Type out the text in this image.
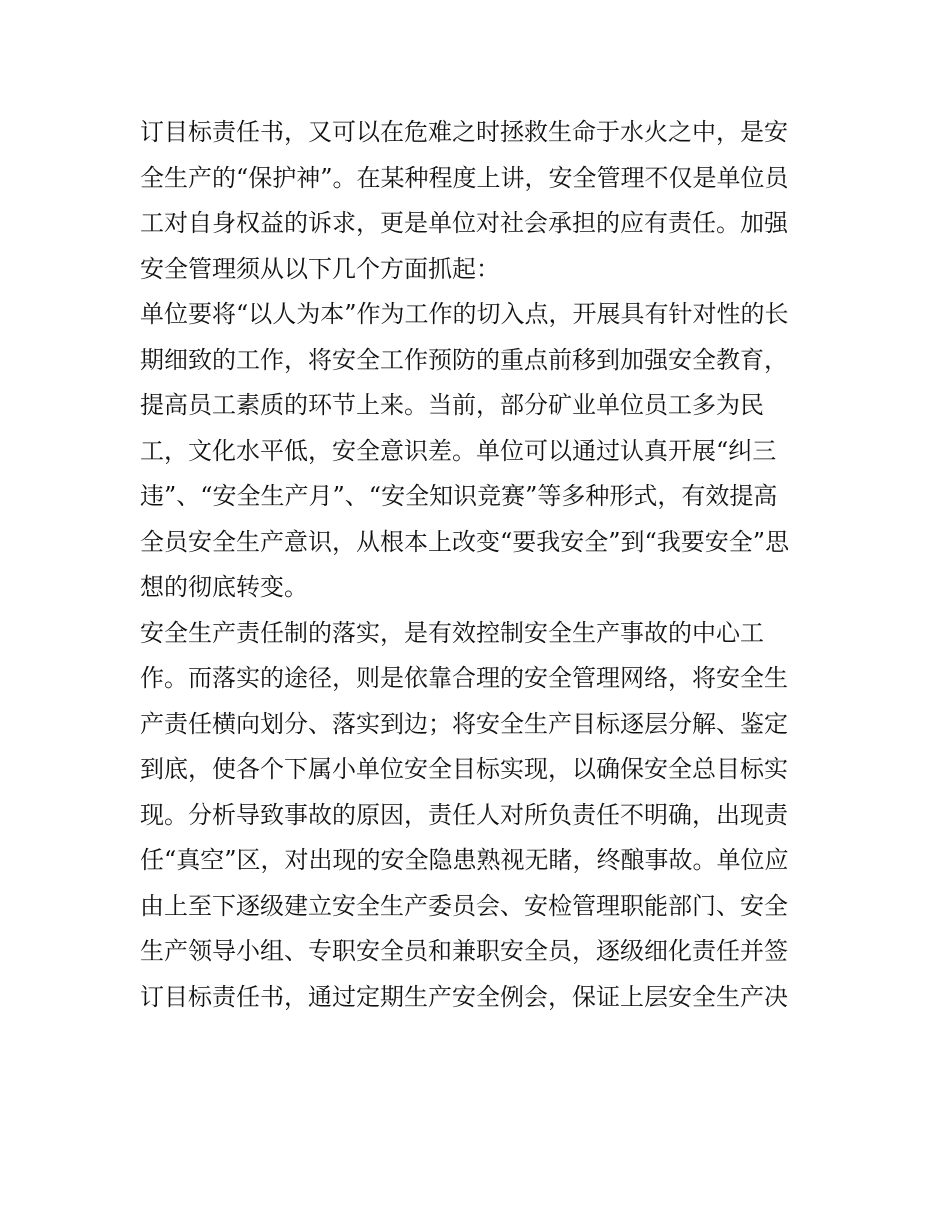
订目标责任书，又可以在危难之时拯救生命于水火之中，是安
全生产的“保护神”。在某种程度上讲，安全管理不仅是单位员
工对自身权益的诉求，更是单位对社会承担的应有责任。加强
安全管理须从以下几个方面抓起：
单位要将“以人为本”作为工作的切入点，开展具有针对性的长
期细致的工作，将安全工作预防的重点前移到加强安全教育，
提高员工素质的环节上来。当前，部分矿业单位员工多为民
工，文化水平低，安全意识差。单位可以通过认真开展“纠三
违”、“安全生产月”、“安全知识竞赛”等多种形式，有效提高
全员安全生产意识，从根本上改变“要我安全”到“我要安全”思
想的彻底转变。
安全生产责任制的落实，是有效控制安全生产事故的中心工
作。而落实的途径，则是依靠合理的安全管理网络，将安全生
产责任横向划分、落实到边；将安全生产目标逐层分解、鉴定
到底，使各个下属小单位安全目标实现，以确保安全总目标实
现。分析导致事故的原因，责任人对所负责任不明确，出现责
任“真空”区，对出现的安全隐患熟视无睹，终酿事故。单位应
由上至下逐级建立安全生产委员会、安检管理职能部门、安全
生产领导小组、专职安全员和兼职安全员，逐级细化责任并签
订目标责任书，通过定期生产安全例会，保证上层安全生产决
